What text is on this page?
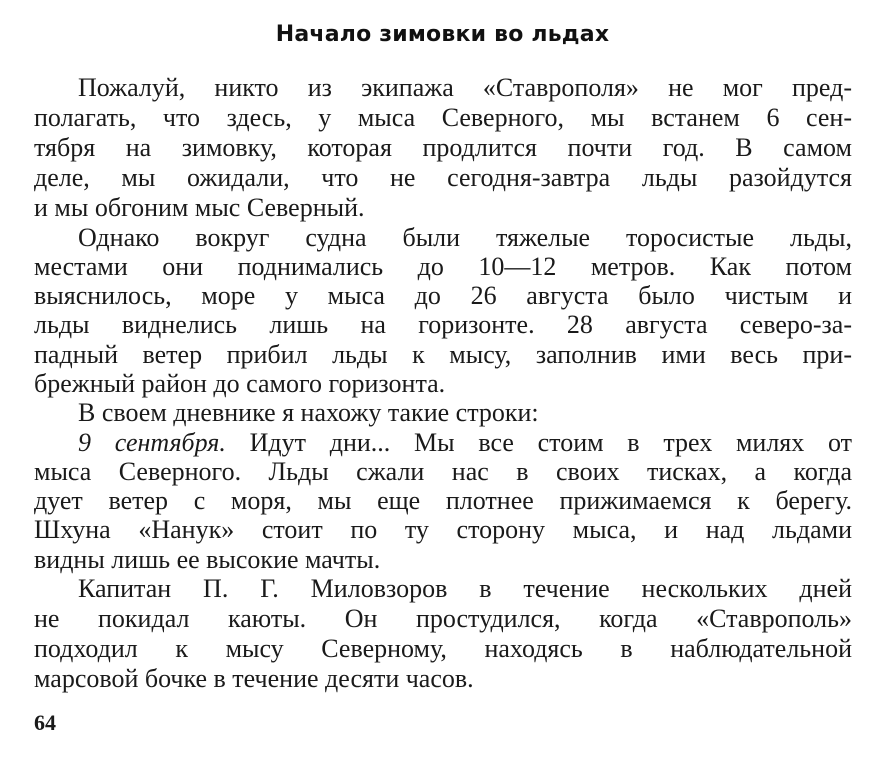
Начало зимовки во льдах
Пожалуй, никто из экипажа «Ставрополя» не мог пред-
полагать, что здесь, у мыса Северного, мы встанем 6 сен-
тября на зимовку, которая продлится почти год. В самом
деле, мы ожидали, что не сегодня-завтра льды разойдутся
и мы обгоним мыс Северный.
Однако вокруг судна были тяжелые торосистые льды,
местами они поднимались до 10—12 метров. Как потом
выяснилось, море у мыса до 26 августа было чистым и
льды виднелись лишь на горизонте. 28 августа северо-за-
падный ветер прибил льды к мысу, заполнив ими весь при-
брежный район до самого горизонта.
В своем дневнике я нахожу такие строки:
9 сентября. Идут дни... Мы все стоим в трех милях от
мыса Северного. Льды сжали нас в своих тисках, а когда
дует ветер с моря, мы еще плотнее прижимаемся к берегу.
Шхуна «Нанук» стоит по ту сторону мыса, и над льдами
видны лишь ее высокие мачты.
Капитан П. Г. Миловзоров в течение нескольких дней
не покидал каюты. Он простудился, когда «Ставрополь»
подходил к мысу Северному, находясь в наблюдательной
марсовой бочке в течение десяти часов.
64
